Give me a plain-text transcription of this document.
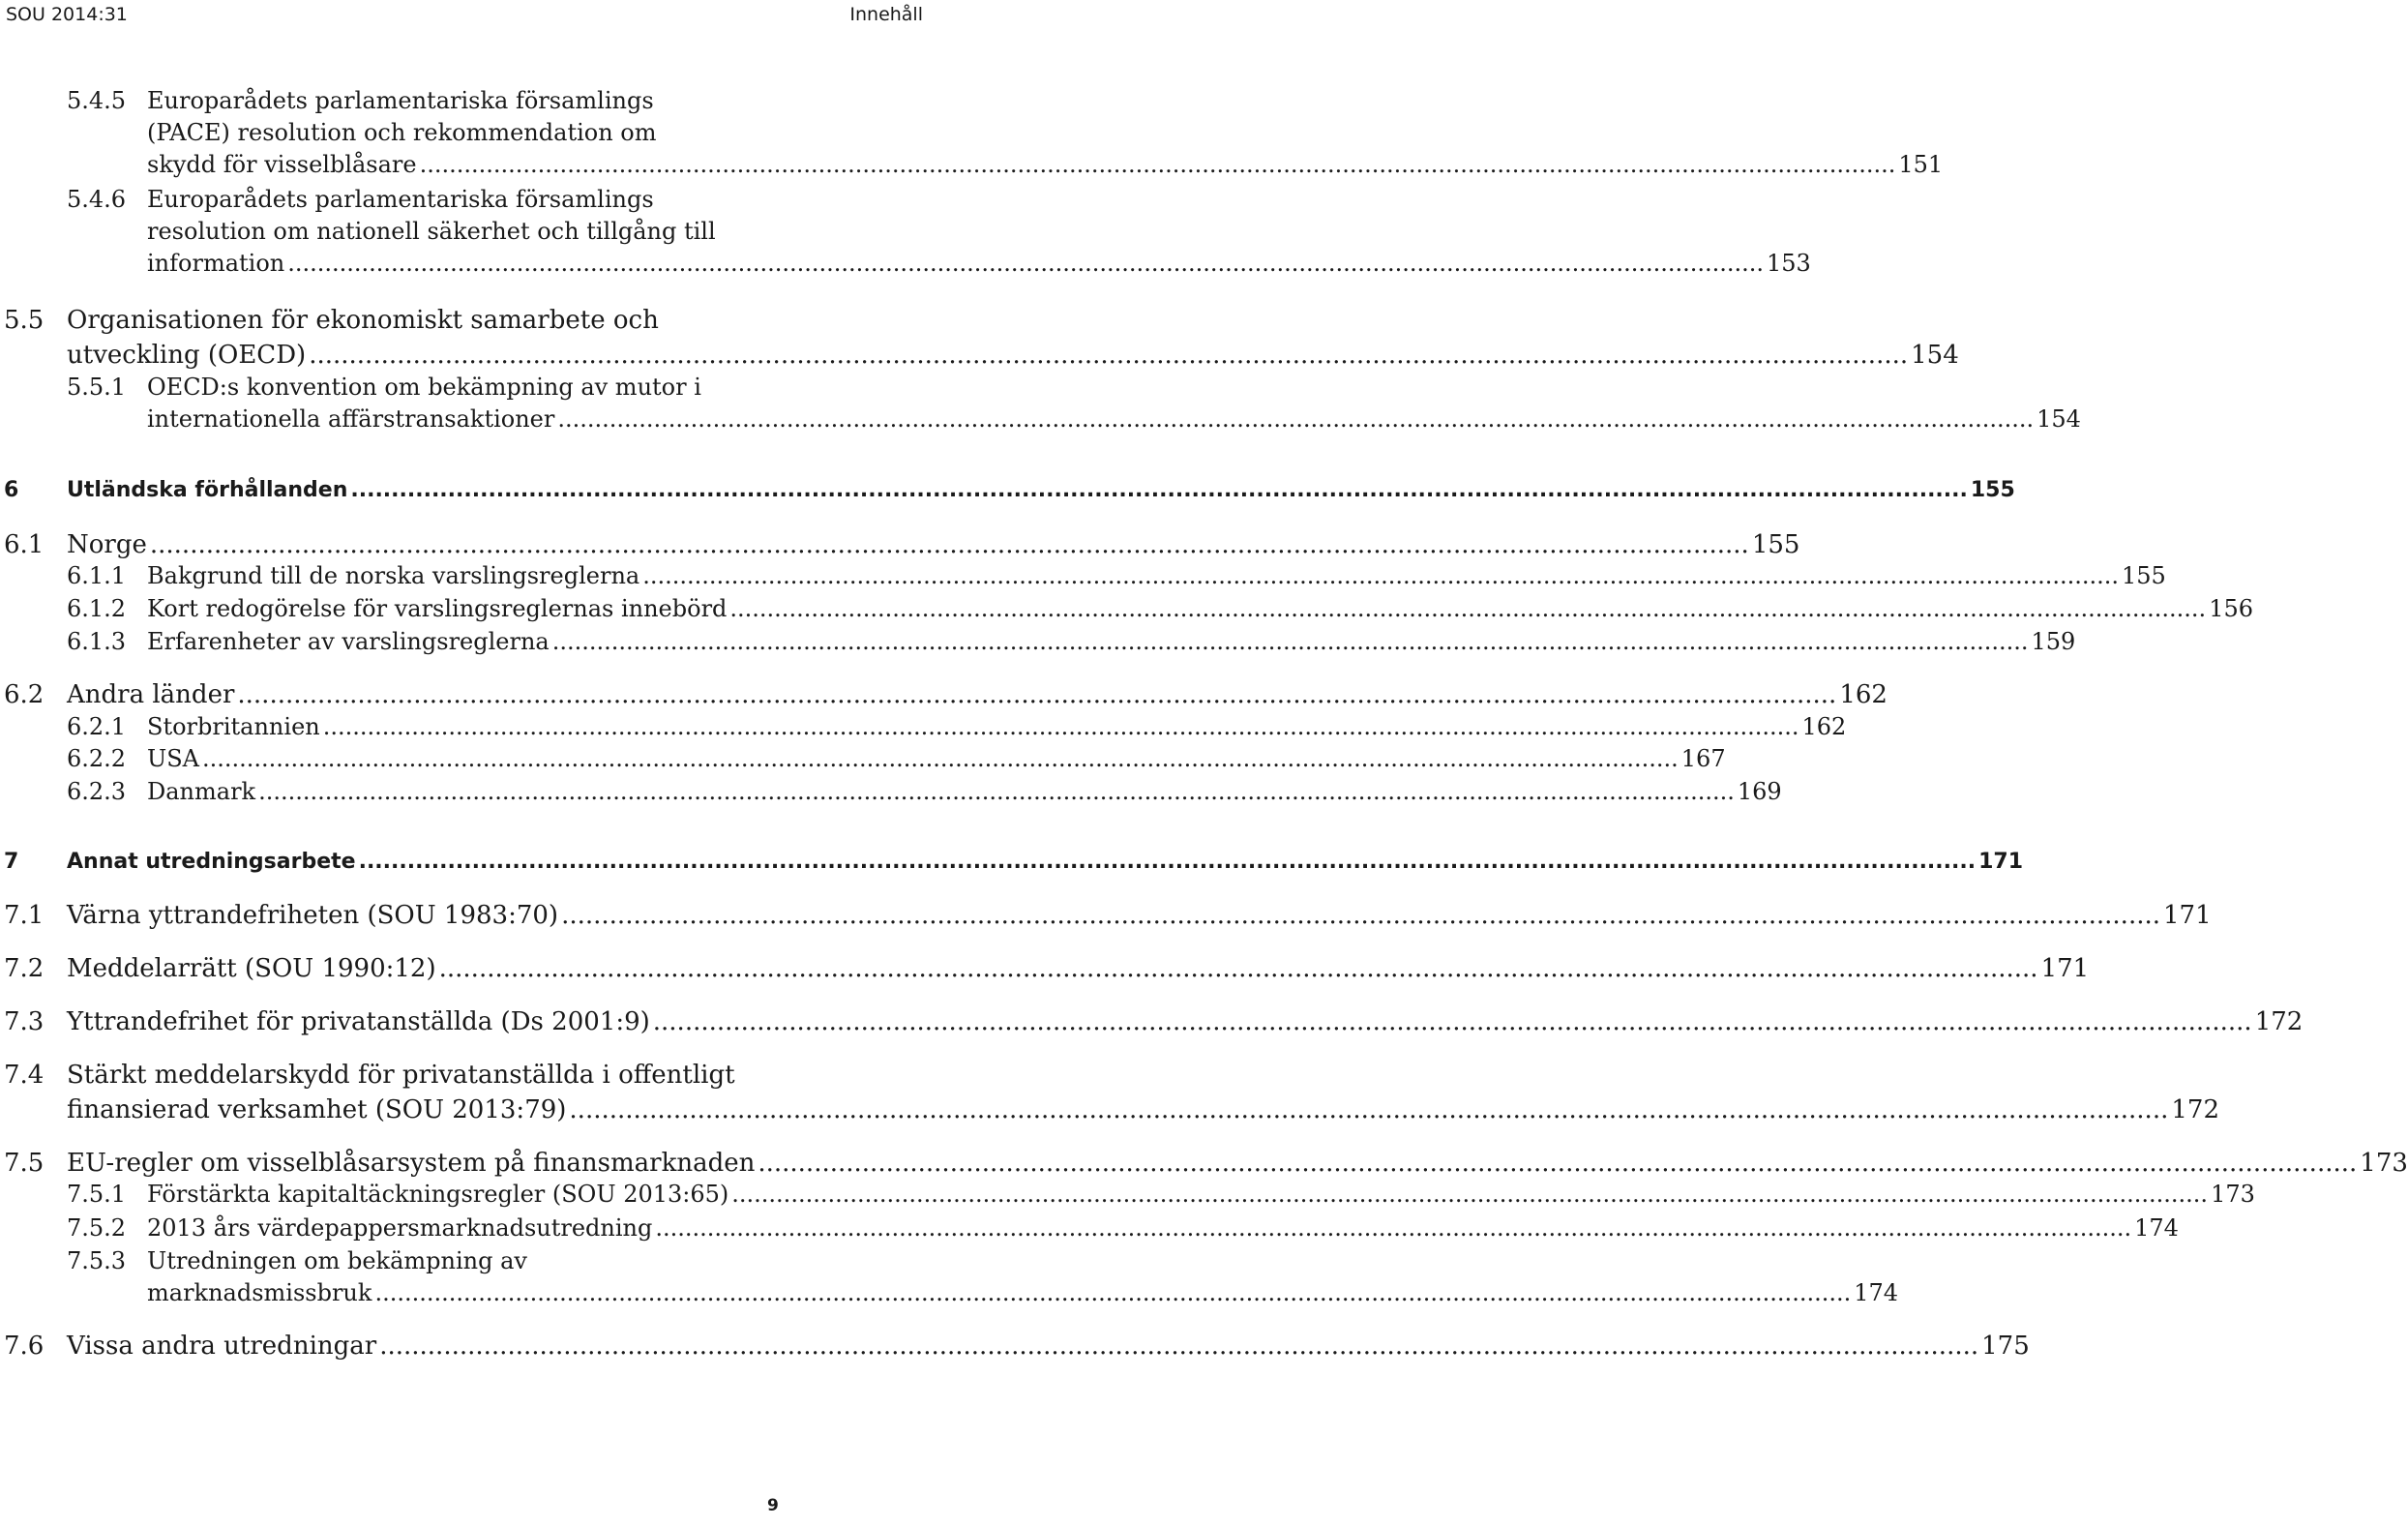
SOU 2014:31	Innehåll
5.4.5 Europarådets parlamentariska församlings
(PACE) resolution och rekommendation om
skydd för visselblåsare ........................................................................................................................................................................................................ 151
5.4.6 Europarådets parlamentariska församlings
resolution om nationell säkerhet och tillgång till
information ........................................................................................................................................................................................................ 153
5.5 Organisationen för ekonomiskt samarbete och
utveckling (OECD) ........................................................................................................................................................................................................ 154
5.5.1 OECD:s konvention om bekämpning av mutor i
internationella affärstransaktioner ........................................................................................................................................................................................................ 154
6 Utländska förhållanden ........................................................................................................................................................................................................ 155
6.1 Norge ........................................................................................................................................................................................................ 155
6.1.1 Bakgrund till de norska varslingsreglerna ........................................................................................................................................................................................................ 155
6.1.2 Kort redogörelse för varslingsreglernas innebörd ........................................................................................................................................................................................................ 156
6.1.3 Erfarenheter av varslingsreglerna ........................................................................................................................................................................................................ 159
6.2 Andra länder ........................................................................................................................................................................................................ 162
6.2.1 Storbritannien ........................................................................................................................................................................................................ 162
6.2.2 USA ........................................................................................................................................................................................................ 167
6.2.3 Danmark ........................................................................................................................................................................................................ 169
7 Annat utredningsarbete ........................................................................................................................................................................................................ 171
7.1 Värna yttrandefriheten (SOU 1983:70) ........................................................................................................................................................................................................ 171
7.2 Meddelarrätt (SOU 1990:12) ........................................................................................................................................................................................................ 171
7.3 Yttrandefrihet för privatanställda (Ds 2001:9) ........................................................................................................................................................................................................ 172
7.4 Stärkt meddelarskydd för privatanställda i offentligt
finansierad verksamhet (SOU 2013:79) ........................................................................................................................................................................................................ 172
7.5 EU-regler om visselblåsarsystem på finansmarknaden ........................................................................................................................................................................................................ 173
7.5.1 Förstärkta kapitaltäckningsregler (SOU 2013:65) ........................................................................................................................................................................................................ 173
7.5.2 2013 års värdepappersmarknadsutredning ........................................................................................................................................................................................................ 174
7.5.3 Utredningen om bekämpning av
marknadsmissbruk ........................................................................................................................................................................................................ 174
7.6 Vissa andra utredningar ........................................................................................................................................................................................................ 175
9
